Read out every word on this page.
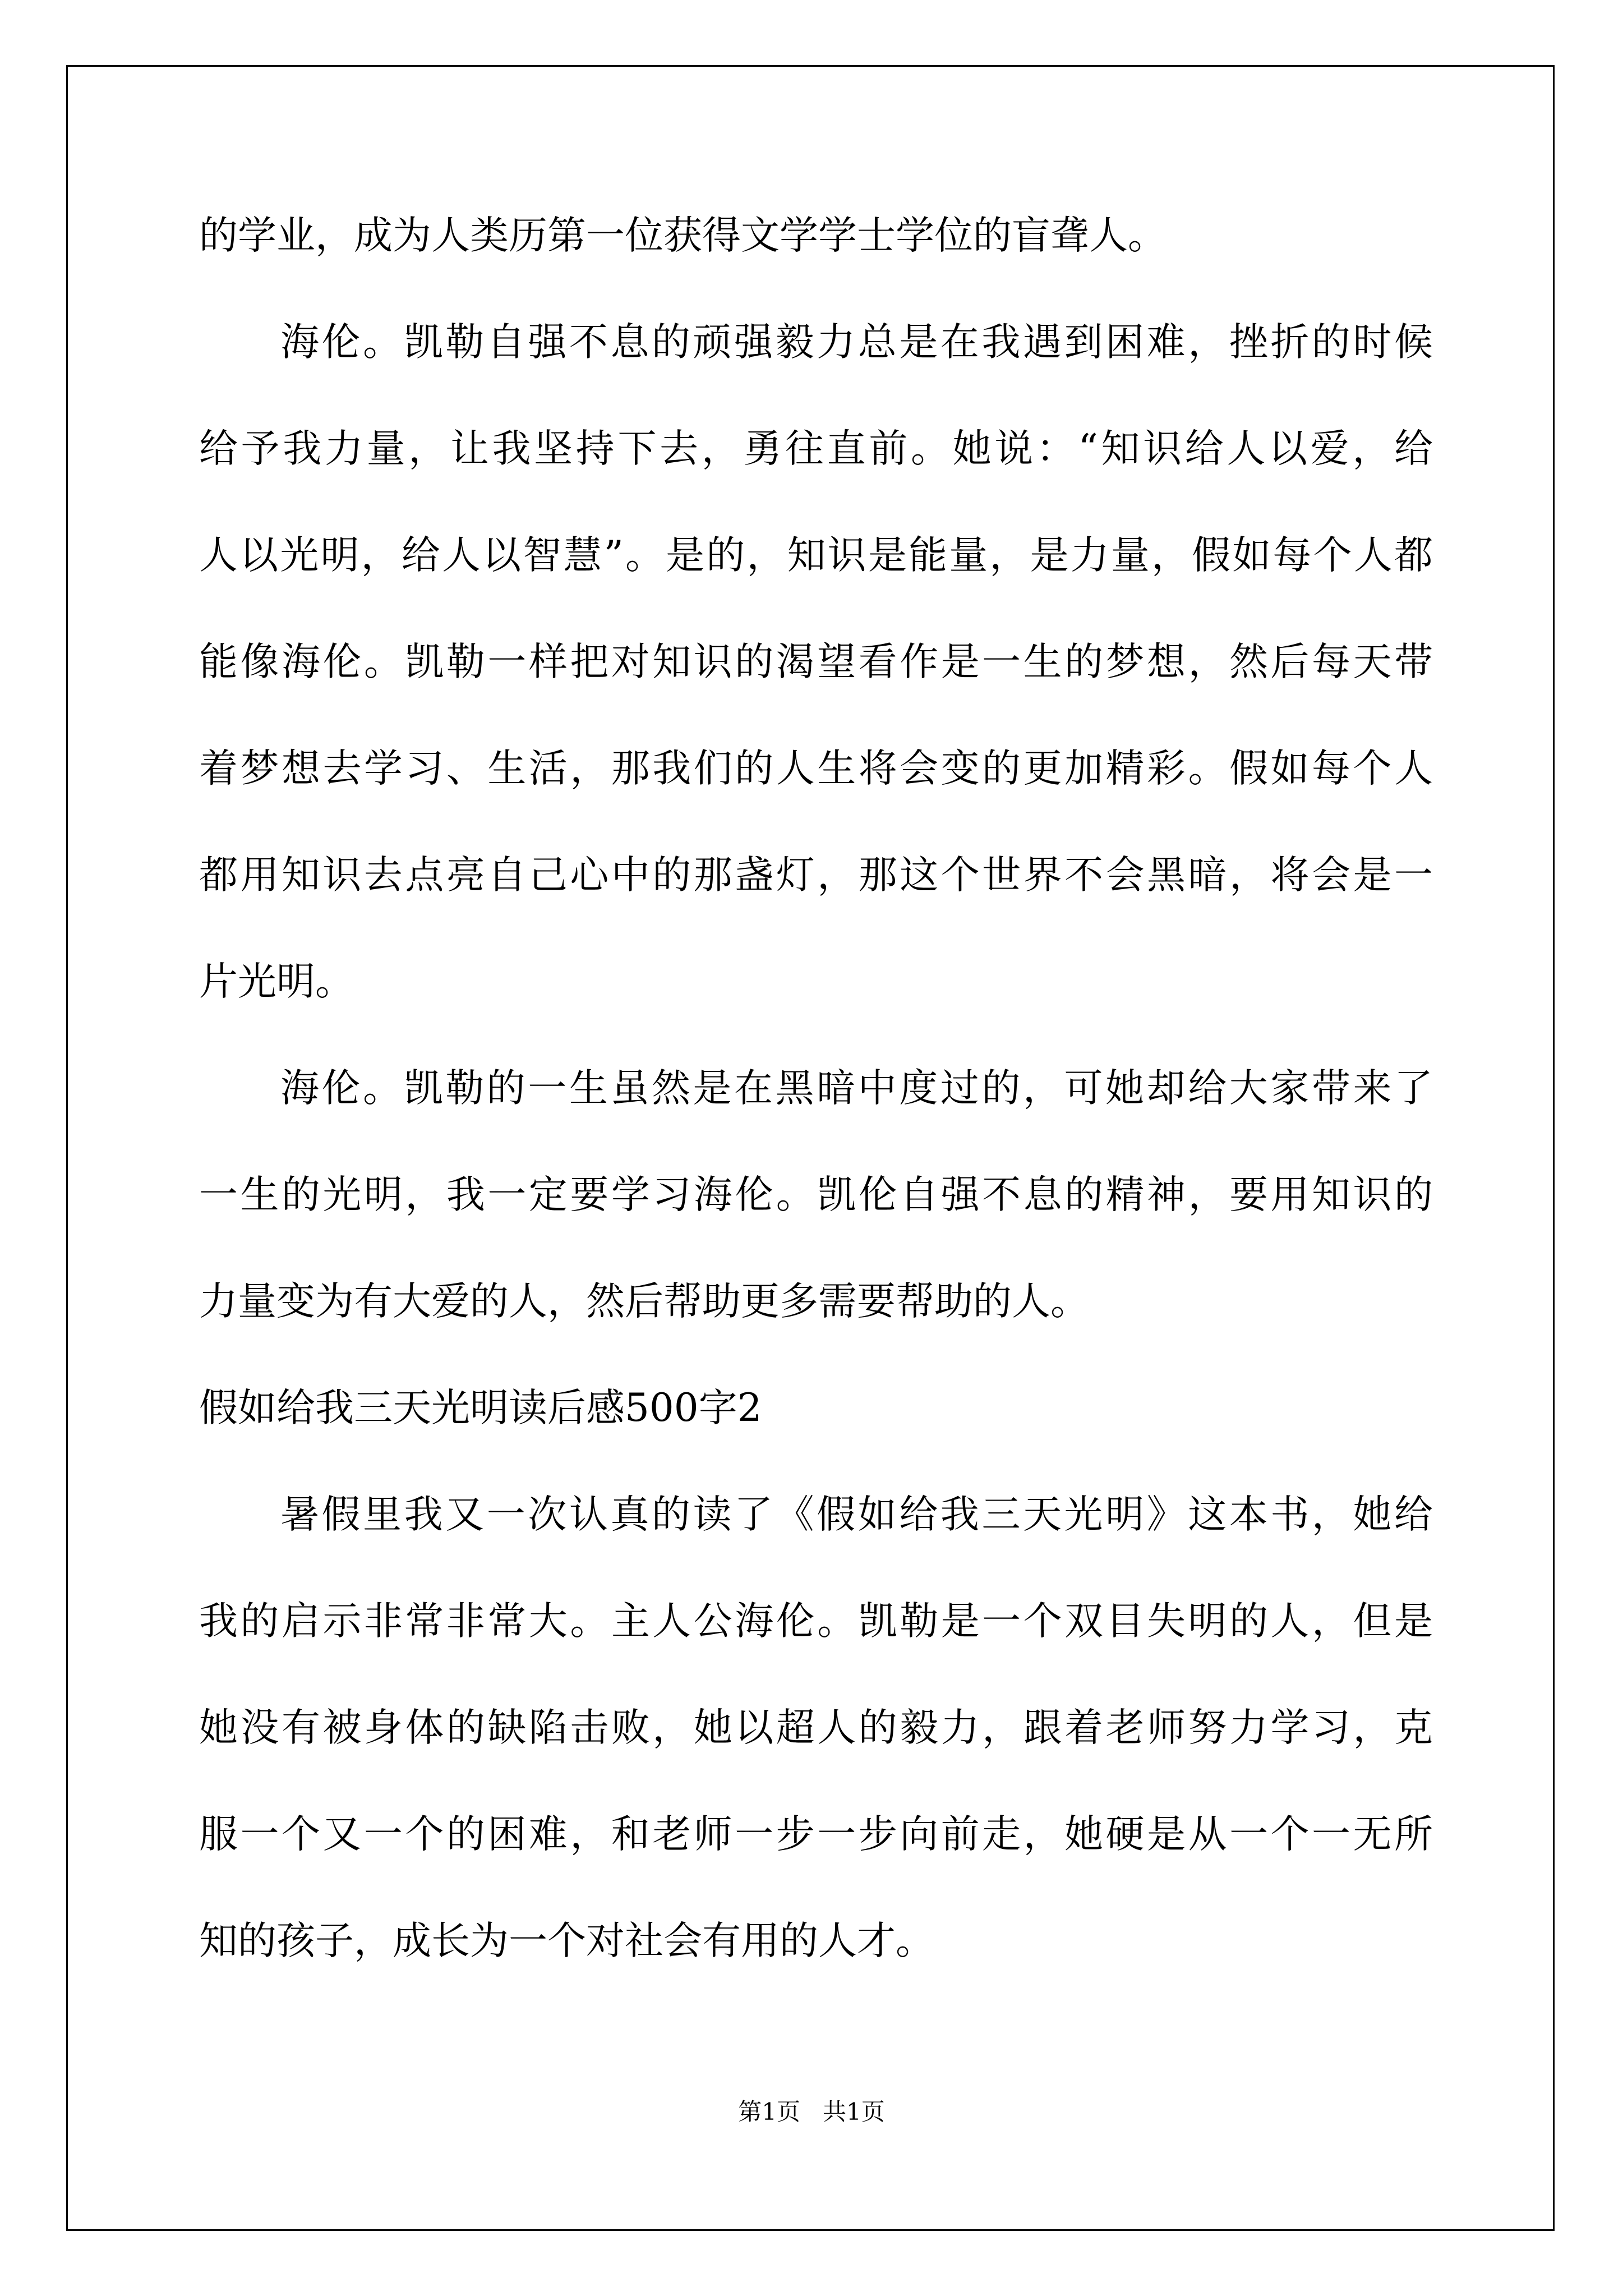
的学业，成为人类历第一位获得文学学士学位的盲聋人。
海伦。凯勒自强不息的顽强毅力总是在我遇到困难，挫折的时候
给予我力量，让我坚持下去，勇往直前。她说：“知识给人以爱，给
人以光明，给人以智慧”。是的，知识是能量，是力量，假如每个人都
能像海伦。凯勒一样把对知识的渴望看作是一生的梦想，然后每天带
着梦想去学习、生活，那我们的人生将会变的更加精彩。假如每个人
都用知识去点亮自己心中的那盏灯，那这个世界不会黑暗，将会是一
片光明。
海伦。凯勒的一生虽然是在黑暗中度过的，可她却给大家带来了
一生的光明，我一定要学习海伦。凯伦自强不息的精神，要用知识的
力量变为有大爱的人，然后帮助更多需要帮助的人。
假如给我三天光明读后感500字2
暑假里我又一次认真的读了《假如给我三天光明》这本书，她给
我的启示非常非常大。主人公海伦。凯勒是一个双目失明的人，但是
她没有被身体的缺陷击败，她以超人的毅力，跟着老师努力学习，克
服一个又一个的困难，和老师一步一步向前走，她硬是从一个一无所
知的孩子，成长为一个对社会有用的人才。
第1页   共1页
